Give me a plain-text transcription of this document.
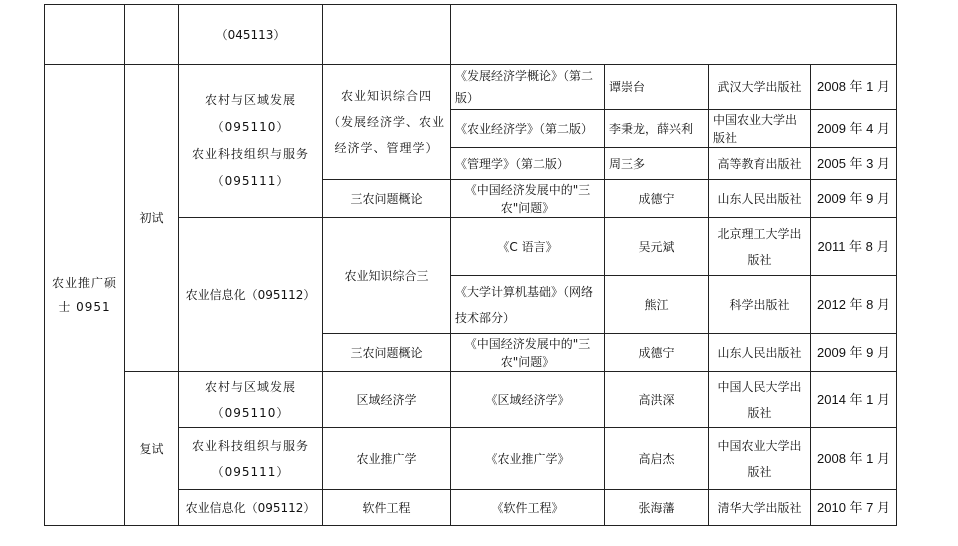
		（045113）					

农业推广硕
士 0951	初试	农村与区域发展
（095110）
农业科技组织与服务
（095111）	农业知识综合四
（发展经济学、农业
经济学、管理学）	《发展经济学概论》（第二
版）	谭崇台	武汉大学出版社	2008 年 1 月
				《农业经济学》（第二版）	李秉龙，薛兴利	中国农业大学出
版社	2009 年 4 月
				《管理学》（第二版）	周三多	高等教育出版社	2005 年 3 月
			三农问题概论	《中国经济发展中的"三
农"问题》	成德宁	山东人民出版社	2009 年 9 月
		农业信息化（095112）	农业知识综合三	《C 语言》	吴元斌	北京理工大学出
版社	2011 年 8 月

				《大学计算机基础》（网络
技术部分）	熊江	科学出版社	2012 年 8 月
			三农问题概论	《中国经济发展中的"三
农"问题》	成德宁	山东人民出版社	2009 年 9 月
	复试	农村与区域发展
（095110）	区域经济学	《区域经济学》	高洪深	中国人民大学出
版社	2014 年 1 月

		农业科技组织与服务
（095111）	农业推广学	《农业推广学》	高启杰	中国农业大学出
版社	2008 年 1 月
		农业信息化（095112）	软件工程	《软件工程》	张海藩	清华大学出版社	2010 年 7 月
